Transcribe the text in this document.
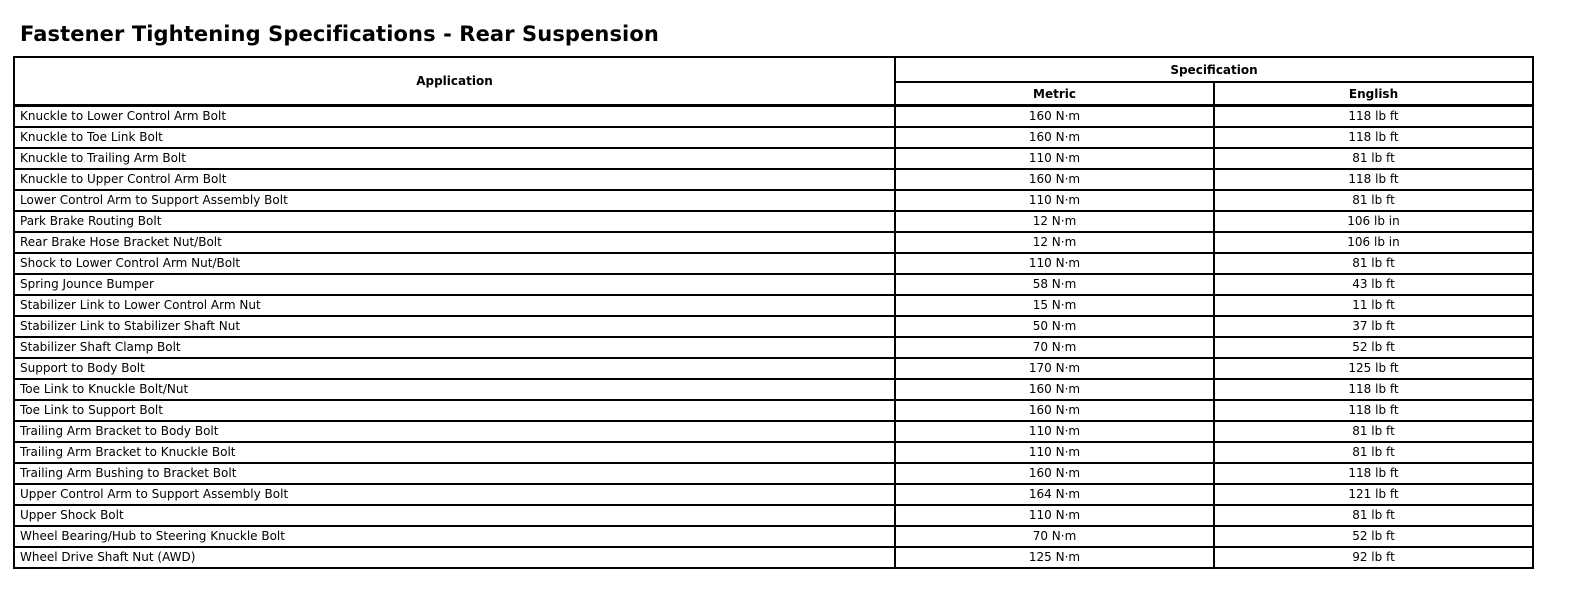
Fastener Tightening Specifications - Rear Suspension
Application	Specification	
	Metric	English
Knuckle to Lower Control Arm Bolt	160 N·m	118 lb ft
Knuckle to Toe Link Bolt	160 N·m	118 lb ft
Knuckle to Trailing Arm Bolt	110 N·m	81 lb ft
Knuckle to Upper Control Arm Bolt	160 N·m	118 lb ft
Lower Control Arm to Support Assembly Bolt	110 N·m	81 lb ft
Park Brake Routing Bolt	12 N·m	106 lb in
Rear Brake Hose Bracket Nut/Bolt	12 N·m	106 lb in
Shock to Lower Control Arm Nut/Bolt	110 N·m	81 lb ft
Spring Jounce Bumper	58 N·m	43 lb ft
Stabilizer Link to Lower Control Arm Nut	15 N·m	11 lb ft
Stabilizer Link to Stabilizer Shaft Nut	50 N·m	37 lb ft
Stabilizer Shaft Clamp Bolt	70 N·m	52 lb ft
Support to Body Bolt	170 N·m	125 lb ft
Toe Link to Knuckle Bolt/Nut	160 N·m	118 lb ft
Toe Link to Support Bolt	160 N·m	118 lb ft
Trailing Arm Bracket to Body Bolt	110 N·m	81 lb ft
Trailing Arm Bracket to Knuckle Bolt	110 N·m	81 lb ft
Trailing Arm Bushing to Bracket Bolt	160 N·m	118 lb ft
Upper Control Arm to Support Assembly Bolt	164 N·m	121 lb ft
Upper Shock Bolt	110 N·m	81 lb ft
Wheel Bearing/Hub to Steering Knuckle Bolt	70 N·m	52 lb ft
Wheel Drive Shaft Nut (AWD)	125 N·m	92 lb ft
